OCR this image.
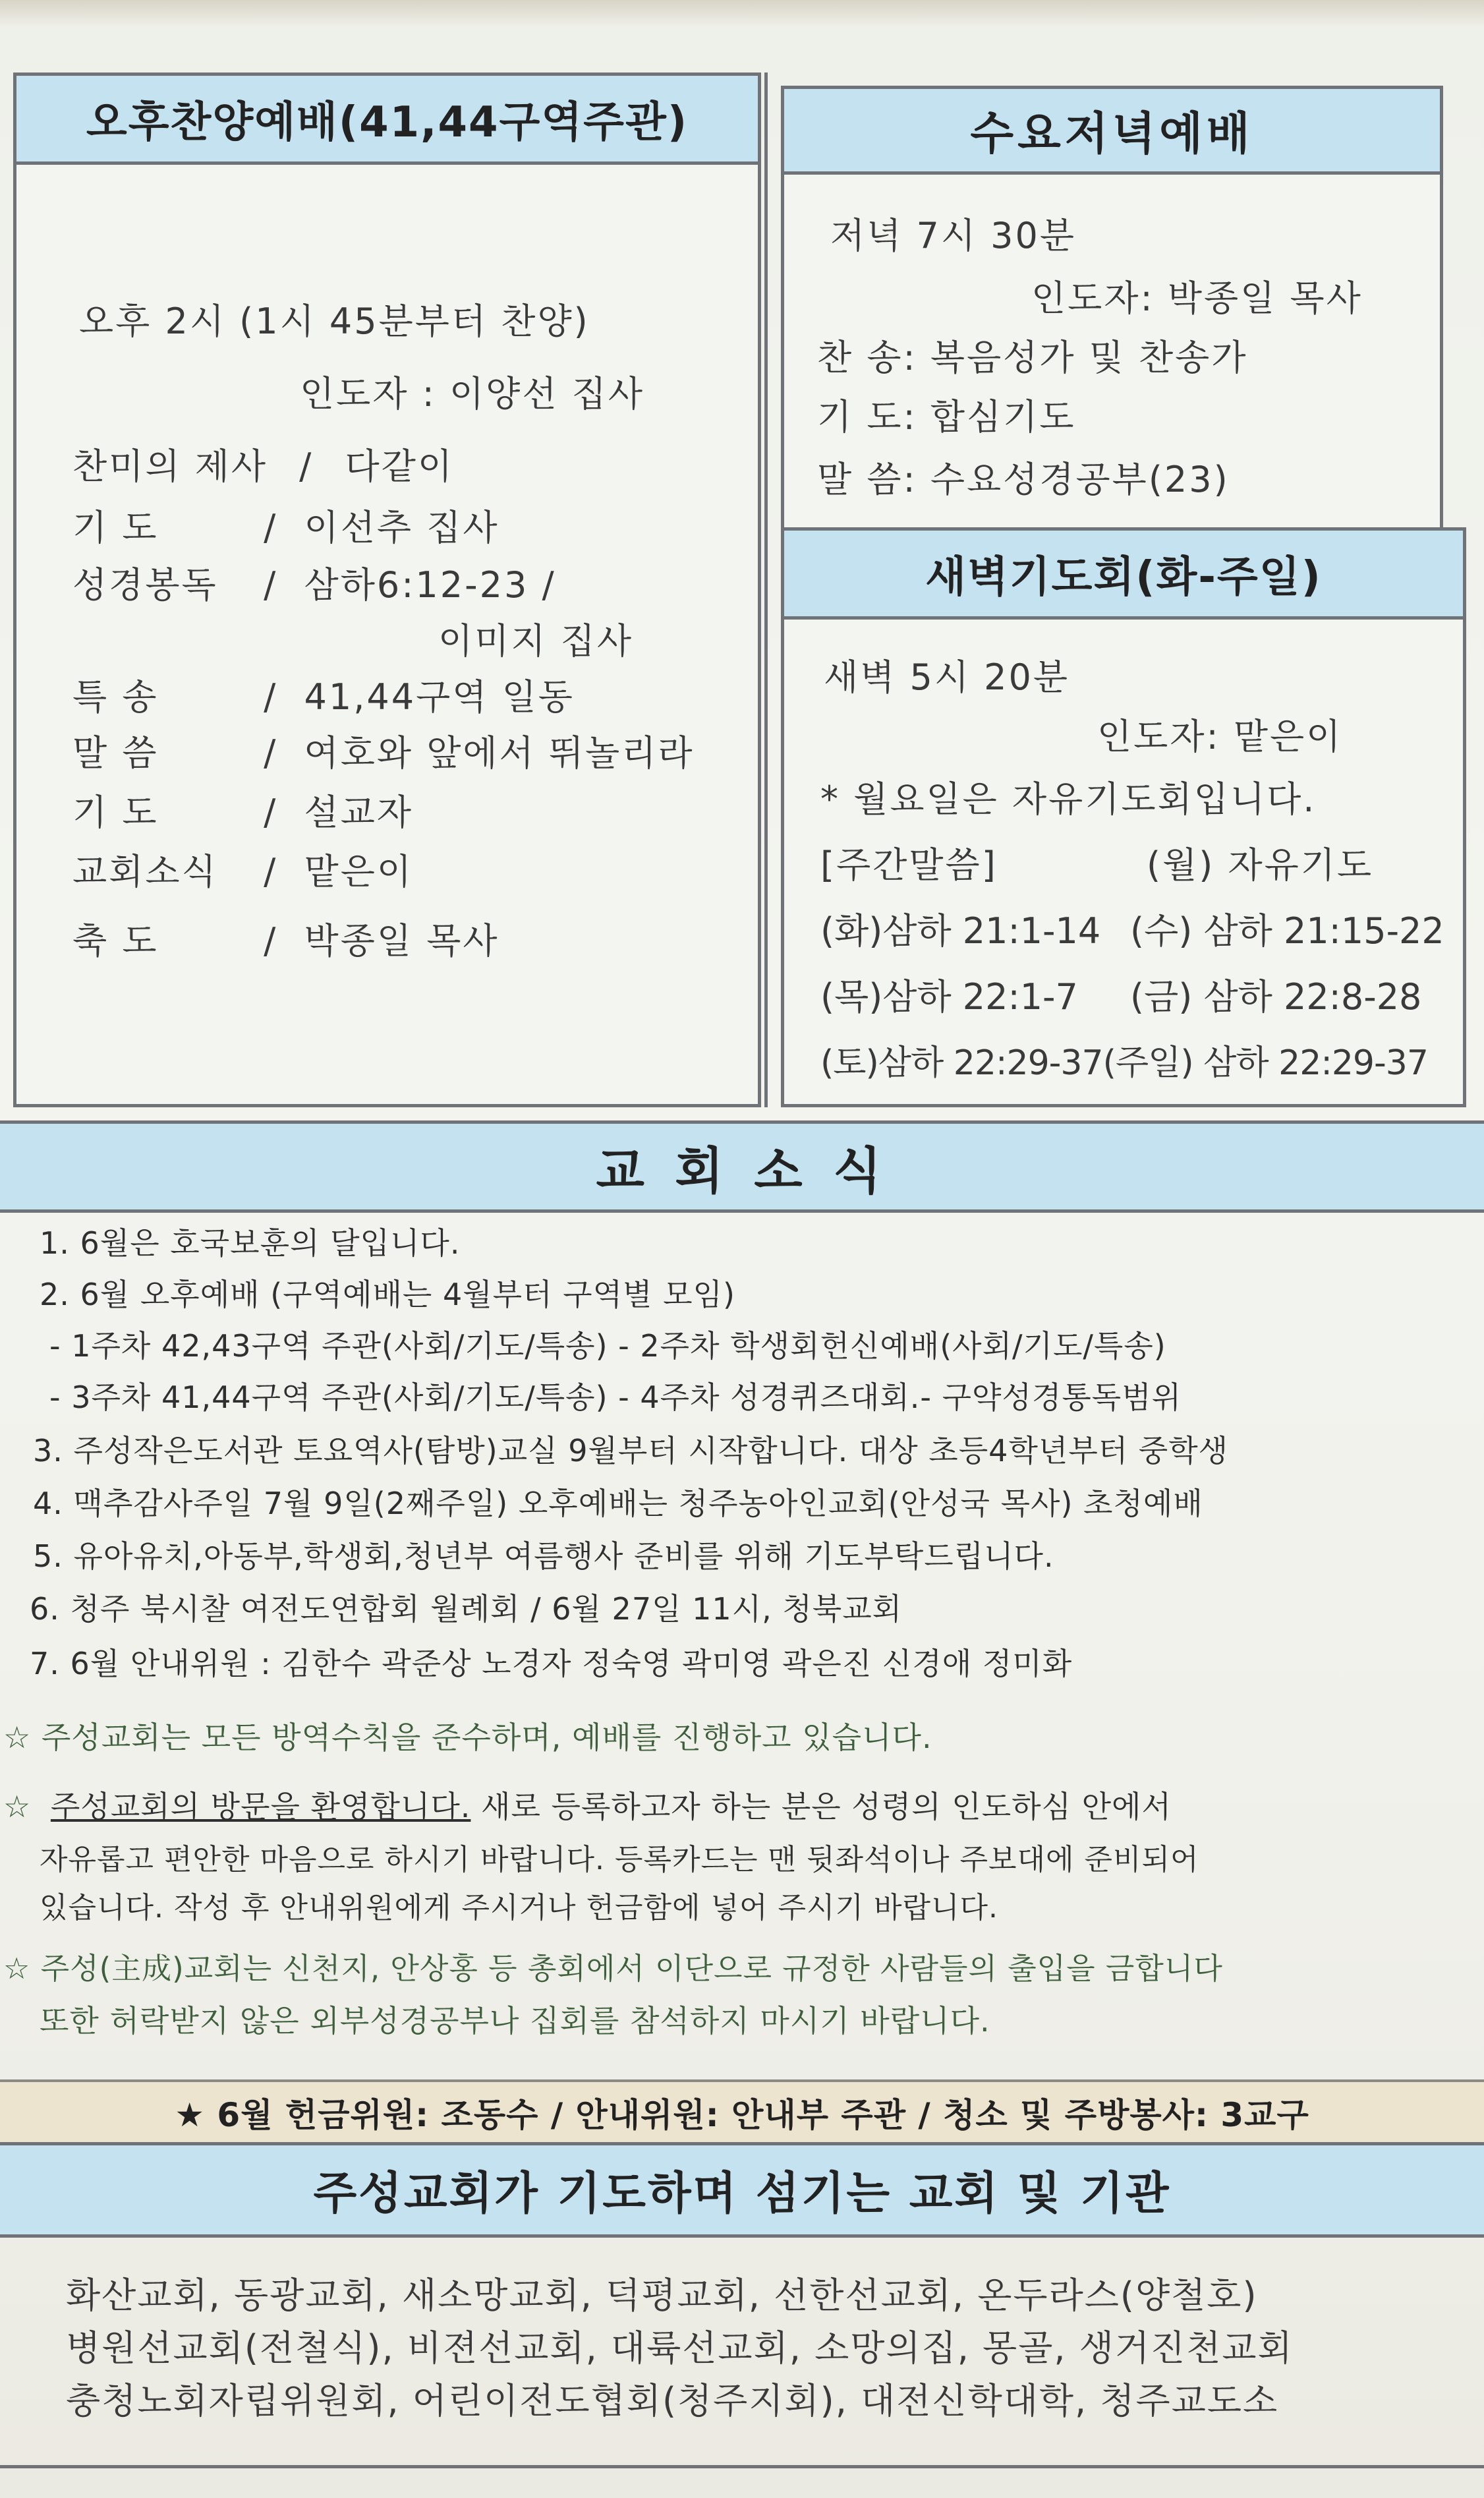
오후찬양예배(41,44구역주관)
오후 2시 (1시 45분부터 찬양)
인도자 : 이양선 집사
찬미의 제사 / 다같이
기 도	/ 이선추 집사
성경봉독 / 삼하6:12-23 /
이미지 집사
특 송	/ 41,44구역 일동
말 씀	/ 여호와 앞에서 뛰놀리라
기 도	/ 설교자
교회소식 / 맡은이
축 도	/ 박종일 목사
수요저녁예배
저녁 7시 30분
인도자: 박종일 목사
찬 송: 복음성가 및 찬송가
기 도: 합심기도
말 씀: 수요성경공부(23)
새벽기도회(화-주일)
새벽 5시 20분
인도자: 맡은이
* 월요일은 자유기도회입니다.
[주간말씀]	(월) 자유기도
(화)삼하 21:1-14 (수) 삼하 21:15-22
(목)삼하 22:1-7 (금) 삼하 22:8-28
(토)삼하 22:29-37(주일) 삼하 22:29-37
교 회 소 식
1. 6월은 호국보훈의 달입니다.
2. 6월 오후예배 (구역예배는 4월부터 구역별 모임)
- 1주차 42,43구역 주관(사회/기도/특송) - 2주차 학생회헌신예배(사회/기도/특송)
- 3주차 41,44구역 주관(사회/기도/특송) - 4주차 성경퀴즈대회.- 구약성경통독범위
3. 주성작은도서관 토요역사(탐방)교실 9월부터 시작합니다. 대상 초등4학년부터 중학생
4. 맥추감사주일 7월 9일(2째주일) 오후예배는 청주농아인교회(안성국 목사) 초청예배
5. 유아유치,아동부,학생회,청년부 여름행사 준비를 위해 기도부탁드립니다.
6. 청주 북시찰 여전도연합회 월례회 / 6월 27일 11시, 청북교회
7. 6월 안내위원 : 김한수 곽준상 노경자 정숙영 곽미영 곽은진 신경애 정미화
☆ 주성교회는 모든 방역수칙을 준수하며, 예배를 진행하고 있습니다.
☆ 주성교회의 방문을 환영합니다. 새로 등록하고자 하는 분은 성령의 인도하심 안에서
자유롭고 편안한 마음으로 하시기 바랍니다. 등록카드는 맨 뒷좌석이나 주보대에 준비되어
있습니다. 작성 후 안내위원에게 주시거나 헌금함에 넣어 주시기 바랍니다.
☆ 주성(主成)교회는 신천지, 안상홍 등 총회에서 이단으로 규정한 사람들의 출입을 금합니다
또한 허락받지 않은 외부성경공부나 집회를 참석하지 마시기 바랍니다.
★ 6월 헌금위원: 조동수 / 안내위원: 안내부 주관 / 청소 및 주방봉사: 3교구
주성교회가 기도하며 섬기는 교회 및 기관
화산교회, 동광교회, 새소망교회, 덕평교회, 선한선교회, 온두라스(양철호)
병원선교회(전철식), 비젼선교회, 대륙선교회, 소망의집, 몽골, 생거진천교회
충청노회자립위원회, 어린이전도협회(청주지회), 대전신학대학, 청주교도소
